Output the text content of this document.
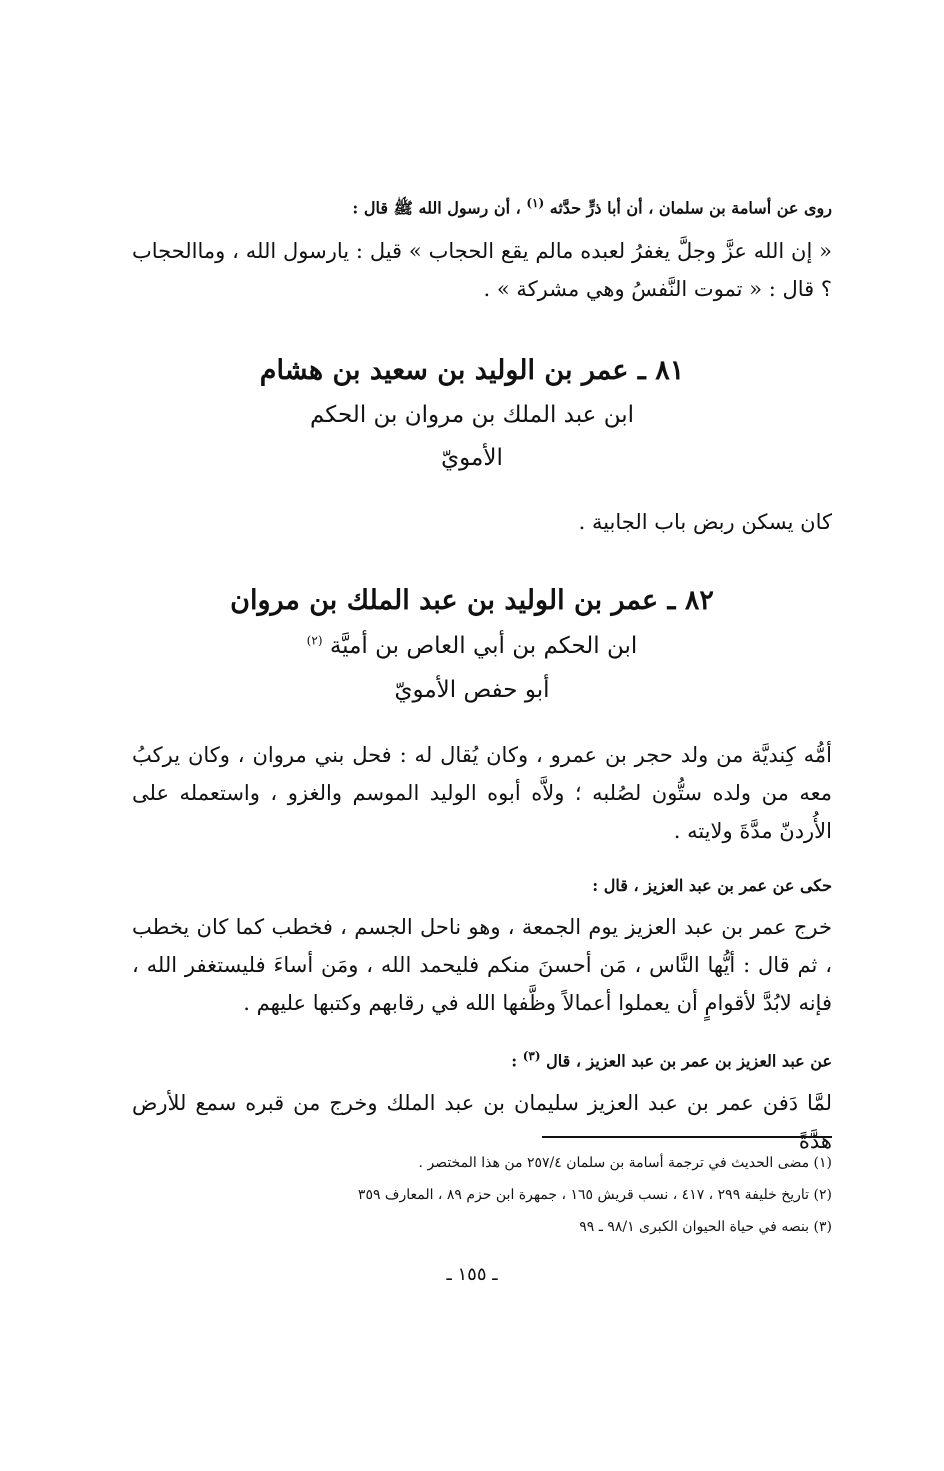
روى عن أسامة بن سلمان ، أن أبا ذرٍّ حدَّثه $^{(١)}$ ، أن رسول الله ﷺ قال :
« إن الله عزَّ وجلَّ يغفرُ لعبده مالم يقع الحجاب » قيل : يارسول الله ، وماالحجاب ؟ قال : « تموت النَّفسُ وهي مشركة » .
٨١ ـ عمر بن الوليد بن سعيد بن هشام
ابن عبد الملك بن مروان بن الحكم
الأمويّ
كان يسكن ربض باب الجابية .
٨٢ ـ عمر بن الوليد بن عبد الملك بن مروان
ابن الحكم بن أبي العاص بن أميَّة $^{(٢)}$
أبو حفص الأمويّ
أمُّه كِنديَّة من ولد حجر بن عمرو ، وكان يُقال له : فحل بني مروان ، وكان يركبُ معه من ولده ستُّون لصُلبه ؛ ولاَّه أبوه الوليد الموسم والغزو ، واستعمله على الأُردنّ مدَّةَ ولايته .
حكى عن عمر بن عبد العزيز ، قال :
خرج عمر بن عبد العزيز يوم الجمعة ، وهو ناحل الجسم ، فخطب كما كان يخطب ، ثم قال : أيُّها النَّاس ، مَن أحسنَ منكم فليحمد الله ، ومَن أساءَ فليستغفر الله ، فإنه لابُدَّ لأقوامٍ أن يعملوا أعمالاً وظَّفها الله في رقابهم وكتبها عليهم .
عن عبد العزيز بن عمر بن عبد العزيز ، قال $^{(٣)}$ :
لمَّا دَفن عمر بن عبد العزيز سليمان بن عبد الملك وخرج من قبره سمع للأرض هدَّةً
(١) مضى الحديث في ترجمة أسامة بن سلمان ٢٥٧/٤ من هذا المختصر .
(٢) تاريخ خليفة ٢٩٩ ، ٤١٧ ، نسب قريش ١٦٥ ، جمهرة ابن حزم ٨٩ ، المعارف ٣٥٩
(٣) بنصه في حياة الحيوان الكبرى ٩٨/١ ـ ٩٩
ـ ١٥٥ ـ
